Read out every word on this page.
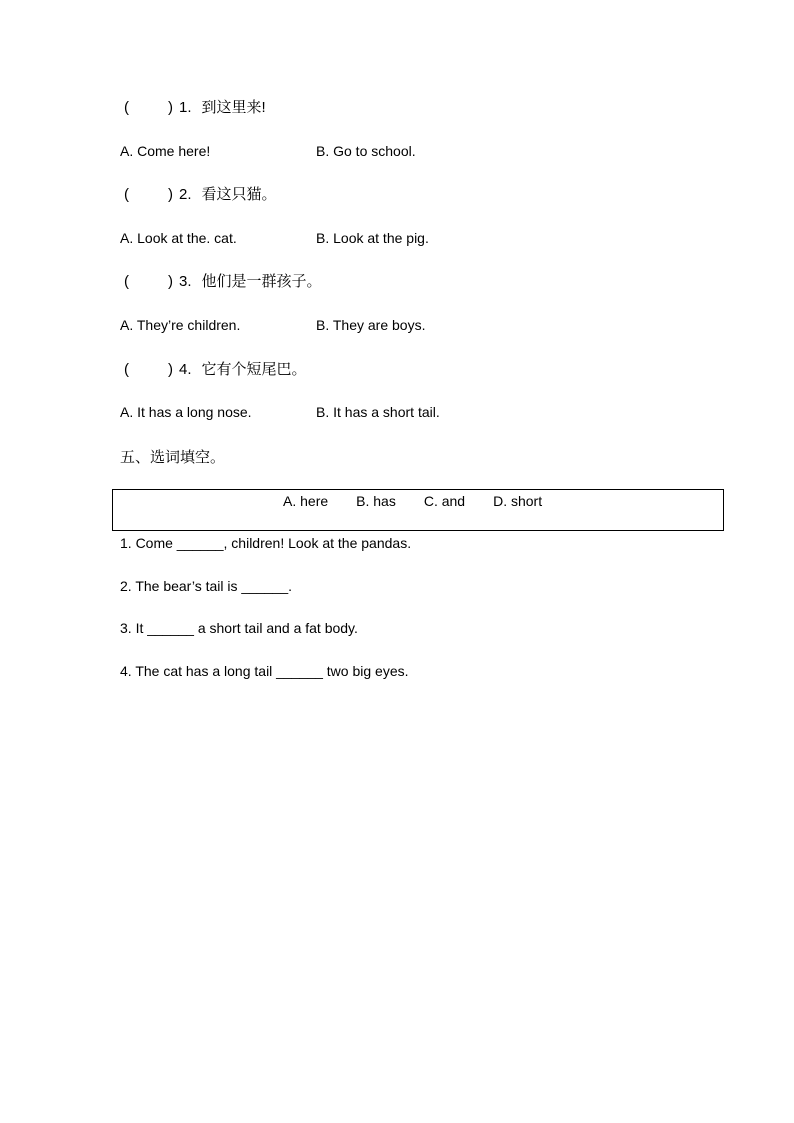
(	) 1. 到这里来!
A. Come here!	B. Go to school.
(	) 2. 看这只猫。
A. Look at the. cat.	B. Look at the pig.
(	) 3. 他们是一群孩子。
A. They’re children.	B. They are boys.
(	) 4. 它有个短尾巴。
A. It has a long nose.	B. It has a short tail.
五、选词填空。
A. here B. has C. and D. short
1. Come ______, children! Look at the pandas.
2. The bear’s tail is ______.
3. It ______ a short tail and a fat body.
4. The cat has a long tail ______ two big eyes.
